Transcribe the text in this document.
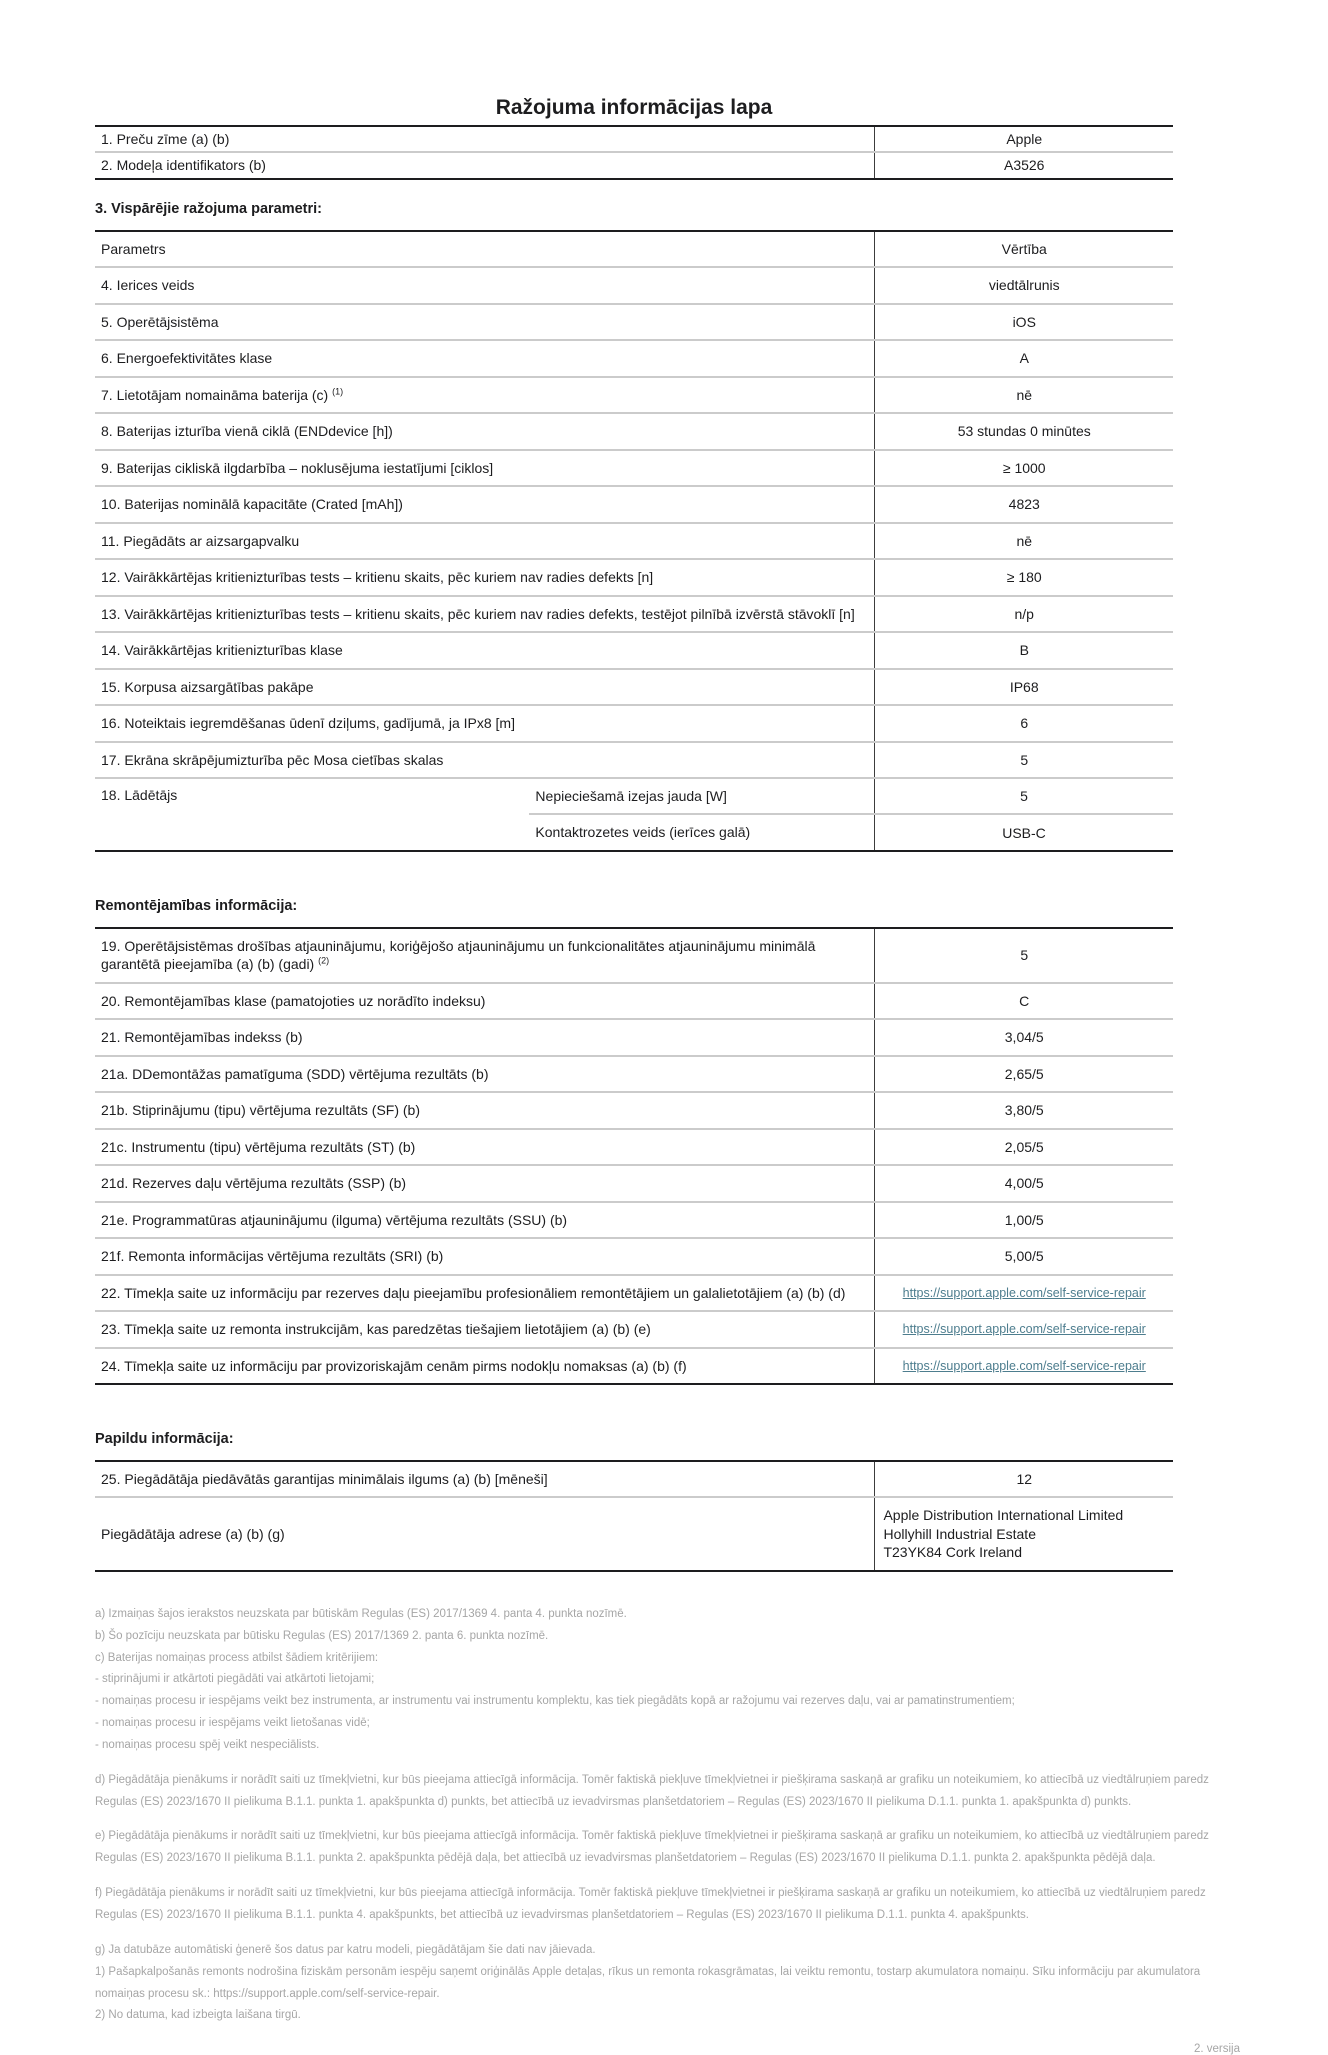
Ražojuma informācijas lapa
1. Preču zīme (a) (b)	Apple
2. Modeļa identifikators (b)	A3526
3. Vispārējie ražojuma parametri:
Parametrs	Vērtība
4. Ierices veids	viedtālrunis
5. Operētājsistēma	iOS
6. Energoefektivitātes klase	A
7. Lietotājam nomaināma baterija (c) $^{(1)}$	nē
8. Baterijas izturība vienā ciklā (ENDdevice [h])	53 stundas 0 minūtes
9. Baterijas cikliskā ilgdarbība – noklusējuma iestatījumi [ciklos]	≥ 1000
10. Baterijas nominālā kapacitāte (Crated [mAh])	4823
11. Piegādāts ar aizsargapvalku	nē
12. Vairākkārtējas kritienizturības tests – kritienu skaits, pēc kuriem nav radies defekts [n]	≥ 180
13. Vairākkārtējas kritienizturības tests – kritienu skaits, pēc kuriem nav radies defekts, testējot pilnībā izvērstā stāvoklī [n]	n/p
14. Vairākkārtējas kritienizturības klase	B
15. Korpusa aizsargātības pakāpe	IP68
16. Noteiktais iegremdēšanas ūdenī dziļums, gadījumā, ja IPx8 [m]	6
17. Ekrāna skrāpējumizturība pēc Mosa cietības skalas	5
18. Lādētājs	Nepieciešamā izejas jauda [W]	5
Kontaktrozetes veids (ierīces galā)	USB-C
Remontējamības informācija:
19. Operētājsistēmas drošības atjauninājumu, koriģējošo atjauninājumu un funkcionalitātes atjauninājumu minimālā garantētā pieejamība (a) (b) (gadi) $^{(2)}$	5
20. Remontējamības klase (pamatojoties uz norādīto indeksu)	C
21. Remontējamības indekss (b)	3,04/5
21a. DDemontāžas pamatīguma (SDD) vērtējuma rezultāts (b)	2,65/5
21b. Stiprinājumu (tipu) vērtējuma rezultāts (SF) (b)	3,80/5
21c. Instrumentu (tipu) vērtējuma rezultāts (ST) (b)	2,05/5
21d. Rezerves daļu vērtējuma rezultāts (SSP) (b)	4,00/5
21e. Programmatūras atjauninājumu (ilguma) vērtējuma rezultāts (SSU) (b)	1,00/5
21f. Remonta informācijas vērtējuma rezultāts (SRI) (b)	5,00/5
22. Tīmekļa saite uz informāciju par rezerves daļu pieejamību profesionāliem remontētājiem un galalietotājiem (a) (b) (d)	https://support.apple.com/self-service-repair
23. Tīmekļa saite uz remonta instrukcijām, kas paredzētas tiešajiem lietotājiem (a) (b) (e)	https://support.apple.com/self-service-repair
24. Tīmekļa saite uz informāciju par provizoriskajām cenām pirms nodokļu nomaksas (a) (b) (f)	https://support.apple.com/self-service-repair
Papildu informācija:
25. Piegādātāja piedāvātās garantijas minimālais ilgums (a) (b) [mēneši]	12
Piegādātāja adrese (a) (b) (g)
Apple Distribution International Limited
Hollyhill Industrial Estate
T23YK84 Cork Ireland

a) Izmaiņas šajos ierakstos neuzskata par būtiskām Regulas (ES) 2017/1369 4. panta 4. punkta nozīmē.

b) Šo pozīciju neuzskata par būtisku Regulas (ES) 2017/1369 2. panta 6. punkta nozīmē.

c) Baterijas nomaiņas process atbilst šādiem kritērijiem:

- stiprinājumi ir atkārtoti piegādāti vai atkārtoti lietojami;

- nomaiņas procesu ir iespējams veikt bez instrumenta, ar instrumentu vai instrumentu komplektu, kas tiek piegādāts kopā ar ražojumu vai rezerves daļu, vai ar pamatinstrumentiem;

- nomaiņas procesu ir iespējams veikt lietošanas vidē;

- nomaiņas procesu spēj veikt nespeciālists.

d) Piegādātāja pienākums ir norādīt saiti uz tīmekļvietni, kur būs pieejama attiecīgā informācija. Tomēr faktiskā piekļuve tīmekļvietnei ir piešķirama saskaņā ar grafiku un noteikumiem, ko attiecībā uz viedtālruņiem paredz Regulas (ES) 2023/1670 II pielikuma B.1.1. punkta 1. apakšpunkta d) punkts, bet attiecībā uz ievadvirsmas planšetdatoriem – Regulas (ES) 2023/1670 II pielikuma D.1.1. punkta 1. apakšpunkta d) punkts.

e) Piegādātāja pienākums ir norādīt saiti uz tīmekļvietni, kur būs pieejama attiecīgā informācija. Tomēr faktiskā piekļuve tīmekļvietnei ir piešķirama saskaņā ar grafiku un noteikumiem, ko attiecībā uz viedtālruņiem paredz Regulas (ES) 2023/1670 II pielikuma B.1.1. punkta 2. apakšpunkta pēdējā daļa, bet attiecībā uz ievadvirsmas planšetdatoriem – Regulas (ES) 2023/1670 II pielikuma D.1.1. punkta 2. apakšpunkta pēdējā daļa.

f) Piegādātāja pienākums ir norādīt saiti uz tīmekļvietni, kur būs pieejama attiecīgā informācija. Tomēr faktiskā piekļuve tīmekļvietnei ir piešķirama saskaņā ar grafiku un noteikumiem, ko attiecībā uz viedtālruņiem paredz Regulas (ES) 2023/1670 II pielikuma B.1.1. punkta 4. apakšpunkts, bet attiecībā uz ievadvirsmas planšetdatoriem – Regulas (ES) 2023/1670 II pielikuma D.1.1. punkta 4. apakšpunkts.

g) Ja datubāze automātiski ģenerē šos datus par katru modeli, piegādātājam šie dati nav jāievada.

1) Pašapkalpošanās remonts nodrošina fiziskām personām iespēju saņemt oriģinālās Apple detaļas, rīkus un remonta rokasgrāmatas, lai veiktu remontu, tostarp akumulatora nomaiņu. Sīku informāciju par akumulatora nomaiņas procesu sk.: https://support.apple.com/self-service-repair.

2) No datuma, kad izbeigta laišana tirgū.

2. versija
